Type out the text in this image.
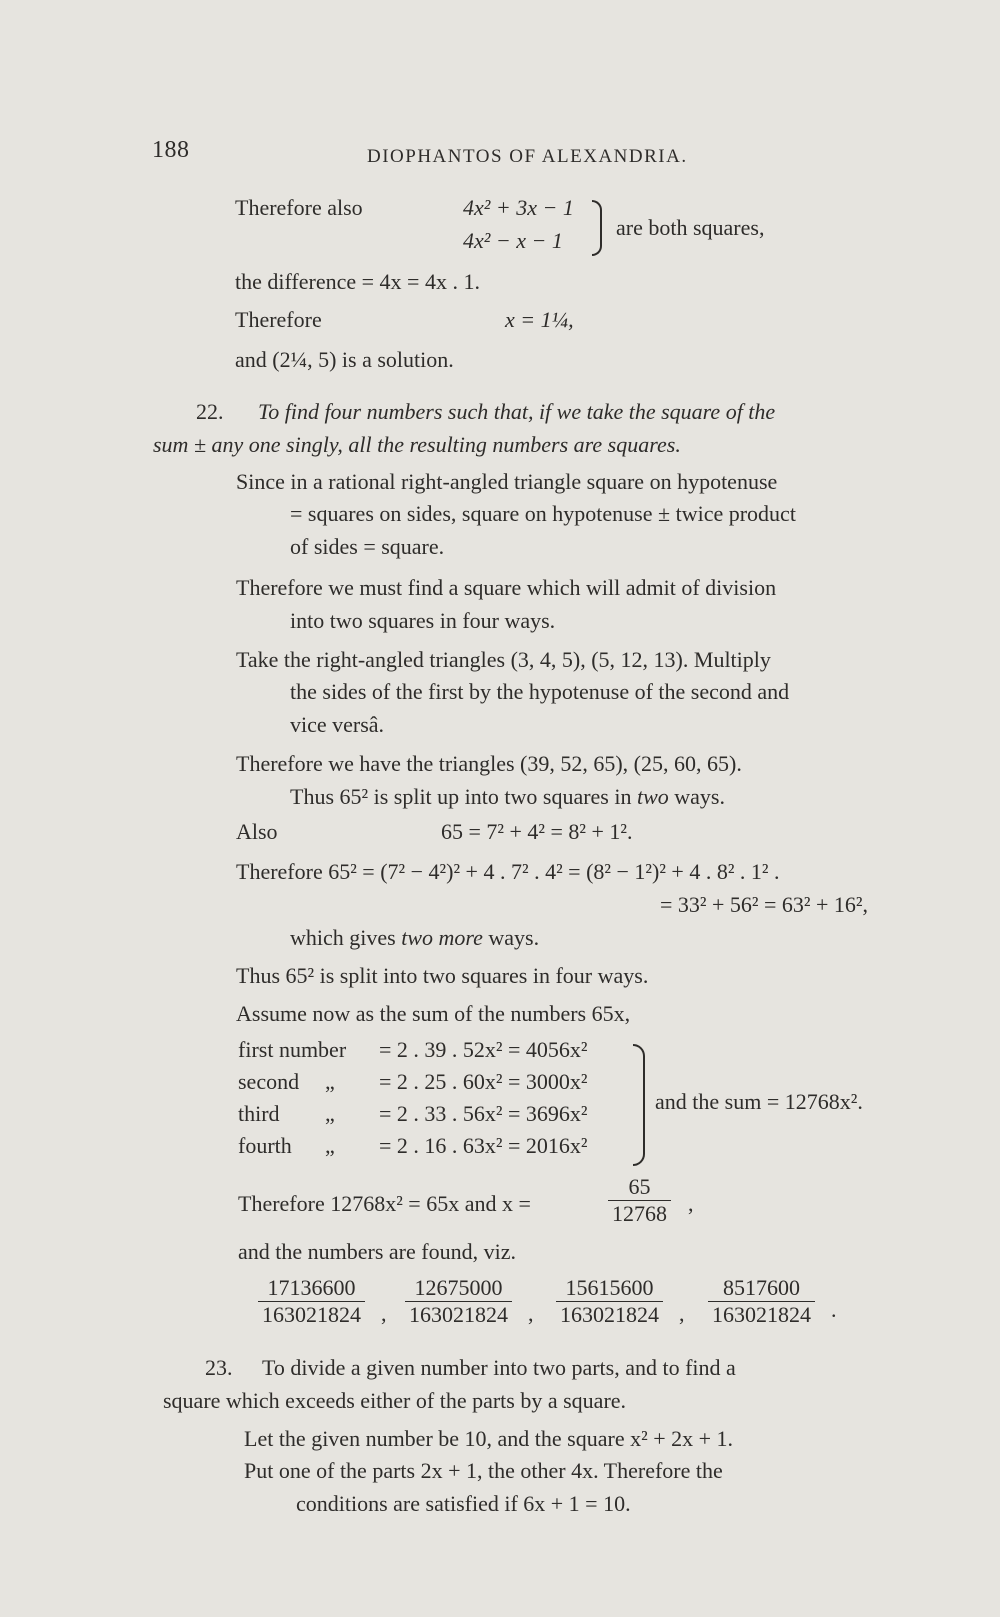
188	DIOPHANTOS OF ALEXANDRIA.
Therefore also	4x² + 3x − 1
4x² − x − 1
are both squares,
the difference = 4x = 4x . 1.
Therefore	x = 1¼,
and (2¼, 5) is a solution.
22. To find four numbers such that, if we take the square of the
sum ± any one singly, all the resulting numbers are squares.
Since in a rational right-angled triangle square on hypotenuse
= squares on sides, square on hypotenuse ± twice product
of sides = square.
Therefore we must find a square which will admit of division
into two squares in four ways.
Take the right-angled triangles (3, 4, 5), (5, 12, 13). Multiply
the sides of the first by the hypotenuse of the second and
vice versâ.
Therefore we have the triangles (39, 52, 65), (25, 60, 65).
Thus 65² is split up into two squares in two ways.
Also	65 = 7² + 4² = 8² + 1².
Therefore 65² = (7² − 4²)² + 4 . 7² . 4² = (8² − 1²)² + 4 . 8² . 1² .
= 33² + 56² = 63² + 16²,
which gives two more ways.
Thus 65² is split into two squares in four ways.
Assume now as the sum of the numbers 65x,
first number = 2 . 39 . 52x² = 4056x²
second „ = 2 . 25 . 60x² = 3000x²
third „ = 2 . 33 . 56x² = 3696x²
fourth „ = 2 . 16 . 63x² = 2016x²
and the sum = 12768x².
Therefore 12768x² = 65x and x =	$\frac{65}{12768}$ ,
and the numbers are found, viz.
$\frac{17136600}{163021824}$ , $\frac{12675000}{163021824}$ , $\frac{15615600}{163021824}$ , $\frac{8517600}{163021824}$ .
23. To divide a given number into two parts, and to find a
square which exceeds either of the parts by a square.
Let the given number be 10, and the square x² + 2x + 1.
Put one of the parts 2x + 1, the other 4x. Therefore the
conditions are satisfied if 6x + 1 = 10.
